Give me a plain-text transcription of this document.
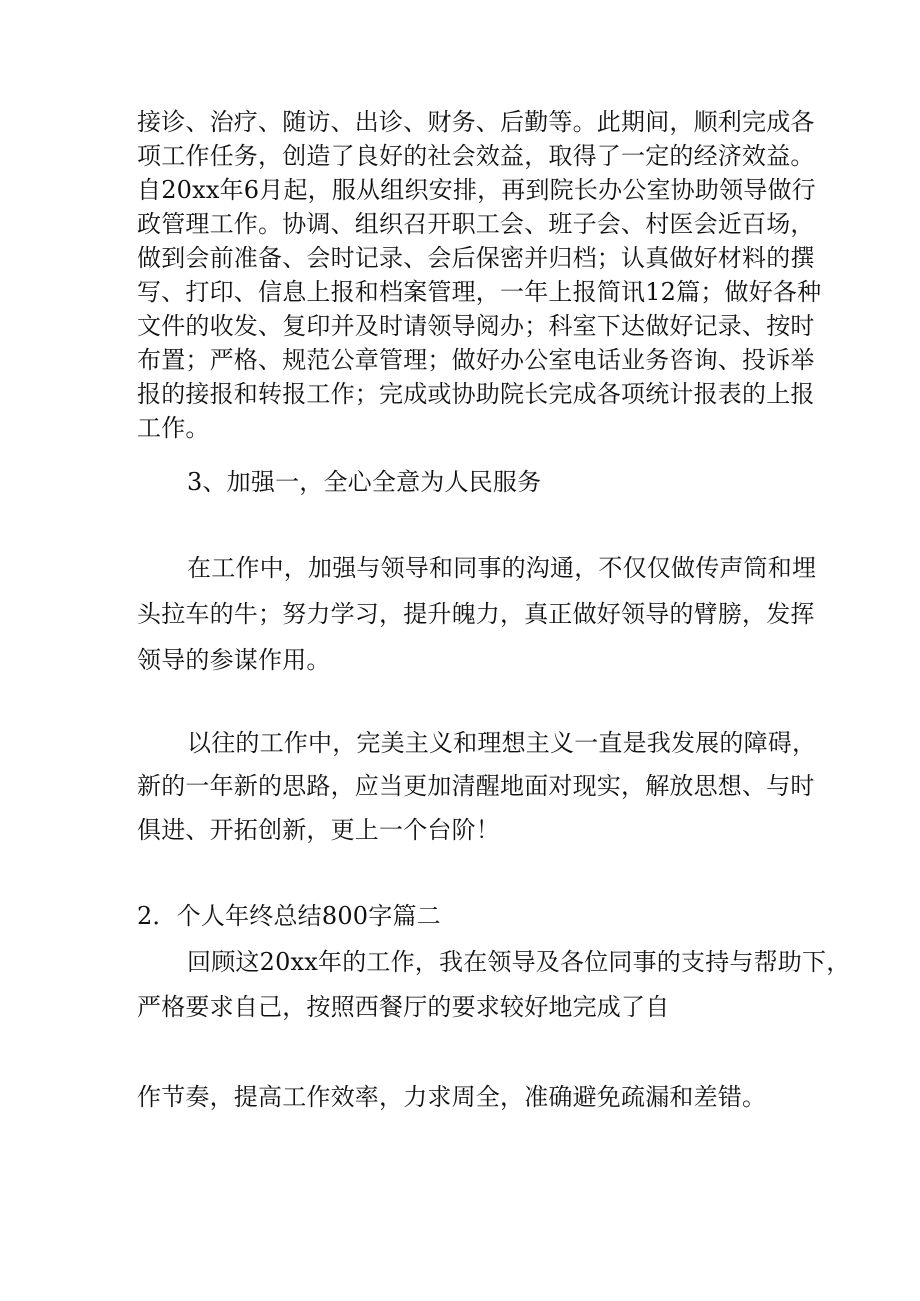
接诊、治疗、随访、出诊、财务、后勤等。此期间，顺利完成各
项工作任务，创造了良好的社会效益，取得了一定的经济效益。
自20xx年6月起，服从组织安排，再到院长办公室协助领导做行
政管理工作。协调、组织召开职工会、班子会、村医会近百场，
做到会前准备、会时记录、会后保密并归档；认真做好材料的撰
写、打印、信息上报和档案管理，一年上报简讯12篇；做好各种
文件的收发、复印并及时请领导阅办；科室下达做好记录、按时
布置；严格、规范公章管理；做好办公室电话业务咨询、投诉举
报的接报和转报工作；完成或协助院长完成各项统计报表的上报
工作。
3、加强一，全心全意为人民服务
在工作中，加强与领导和同事的沟通，不仅仅做传声筒和埋
头拉车的牛；努力学习，提升魄力，真正做好领导的臂膀，发挥
领导的参谋作用。
以往的工作中，完美主义和理想主义一直是我发展的障碍，
新的一年新的思路，应当更加清醒地面对现实，解放思想、与时
俱进、开拓创新，更上一个台阶！
2．个人年终总结800字篇二
回顾这20xx年的工作，我在领导及各位同事的支持与帮助下，
严格要求自己，按照西餐厅的要求较好地完成了自
作节奏，提高工作效率，力求周全，准确避免疏漏和差错。
